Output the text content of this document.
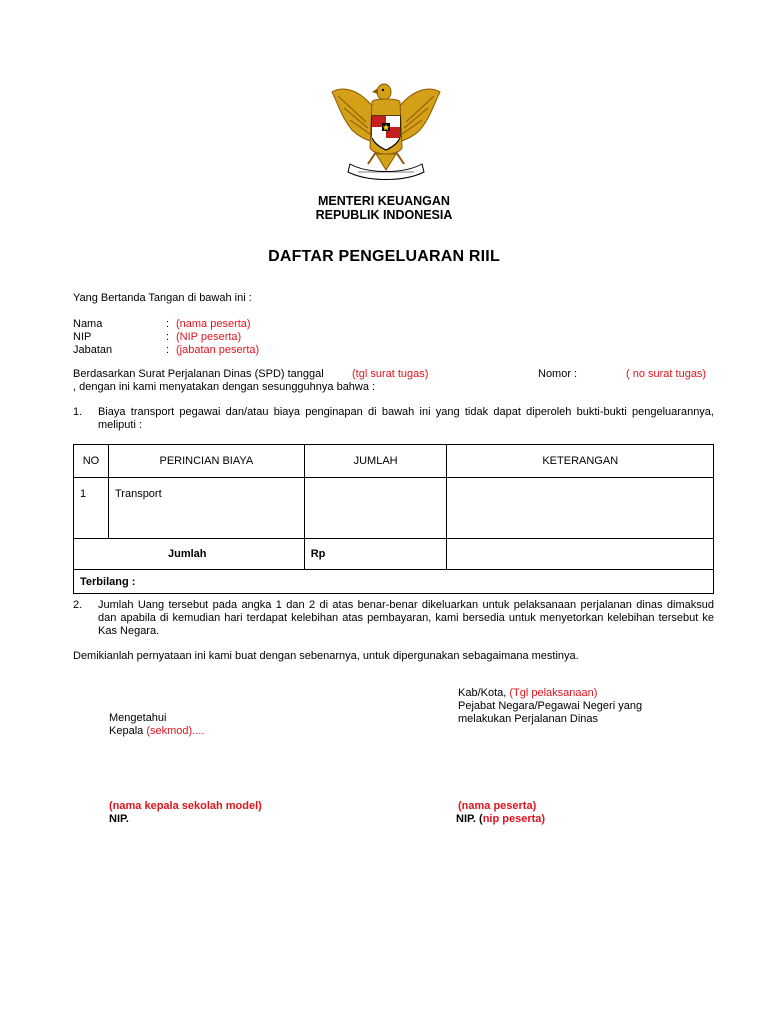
MENTERI KEUANGAN
REPUBLIK INDONESIA
DAFTAR PENGELUARAN RIIL
Yang Bertanda Tangan di bawah ini :
Nama	: (nama peserta)
NIP	: (NIP peserta)
Jabatan	: (jabatan peserta)
Berdasarkan Surat Perjalanan Dinas (SPD) tanggal	(tgl surat tugas)	Nomor :	( no surat tugas)
, dengan ini kami menyatakan dengan sesungguhnya bahwa :
1. Biaya transport pegawai dan/atau biaya penginapan di bawah ini yang tidak dapat diperoleh bukti-bukti pengeluarannya, meliputi :
NO	PERINCIAN BIAYA	JUMLAH	KETERANGAN
1	Transport		
Jumlah		Rp	
Terbilang :			
2. Jumlah Uang tersebut pada angka 1 dan 2 di atas benar-benar dikeluarkan untuk pelaksanaan perjalanan dinas dimaksud dan apabila di kemudian hari terdapat kelebihan atas pembayaran, kami bersedia untuk menyetorkan kelebihan tersebut ke Kas Negara.
Demikianlah pernyataan ini kami buat dengan sebenarnya, untuk dipergunakan sebagaimana mestinya.
Kab/Kota, (Tgl pelaksanaan)
Pejabat Negara/Pegawai Negeri yang
melakukan Perjalanan Dinas
Mengetahui
Kepala (sekmod)....
(nama kepala sekolah model)
NIP.
(nama peserta)
NIP. (nip peserta)
